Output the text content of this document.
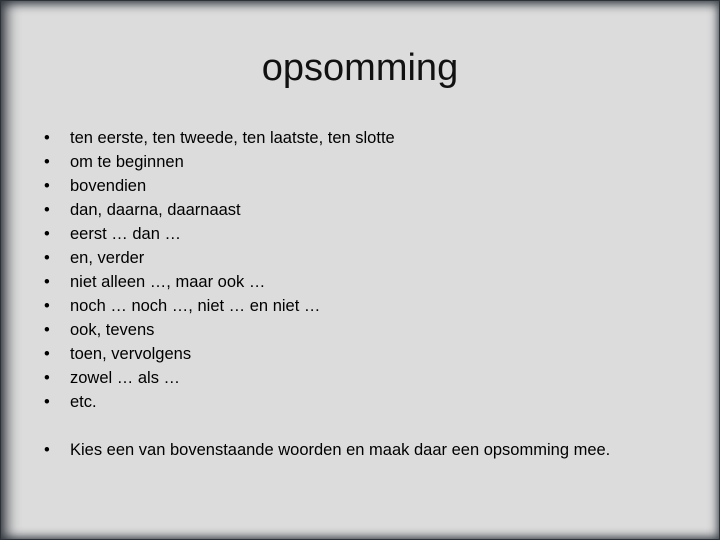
opsomming
•	ten eerste, ten tweede, ten laatste, ten slotte
•	om te beginnen
•	bovendien
•	dan, daarna, daarnaast
•	eerst … dan …
•	en, verder
•	niet alleen …, maar ook …
•	noch … noch …, niet … en niet …
•	ook, tevens
•	toen, vervolgens
•	zowel … als …
•	etc.
•	Kies een van bovenstaande woorden en maak daar een opsomming mee.
